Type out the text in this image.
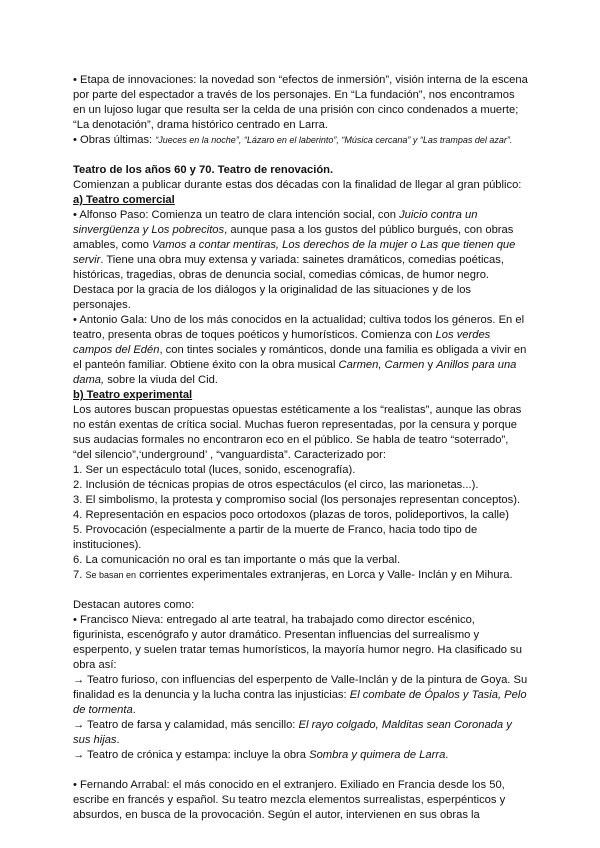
• Etapa de innovaciones: la novedad son “efectos de inmersión”, visión interna de la escena por parte del espectador a través de los personajes. En “La fundación”, nos encontramos en un lujoso lugar que resulta ser la celda de una prisión con cinco condenados a muerte; “La denotación”, drama histórico centrado en Larra.

• Obras últimas: “Jueces en la noche”, “Lázaro en el laberinto”, “Música cercana” y “Las trampas del azar”.

Teatro de los años 60 y 70. Teatro de renovación.

Comienzan a publicar durante estas dos décadas con la finalidad de llegar al gran público:

a) Teatro comercial

• Alfonso Paso: Comienza un teatro de clara intención social, con Juicio contra un sinvergüenza y Los pobrecitos, aunque pasa a los gustos del público burgués, con obras amables, como Vamos a contar mentiras, Los derechos de la mujer o Las que tienen que servir. Tiene una obra muy extensa y variada: sainetes dramáticos, comedias poéticas, históricas, tragedias, obras de denuncia social, comedias cómicas, de humor negro. Destaca por la gracia de los diálogos y la originalidad de las situaciones y de los personajes.

• Antonio Gala: Uno de los más conocidos en la actualidad; cultiva todos los géneros. En el teatro, presenta obras de toques poéticos y humorísticos. Comienza con Los verdes campos del Edén, con tintes sociales y románticos, donde una familia es obligada a vivir en el panteón familiar. Obtiene éxito con la obra musical Carmen, Carmen y Anillos para una dama, sobre la viuda del Cid.

b) Teatro experimental

Los autores buscan propuestas opuestas estéticamente a los “realistas”, aunque las obras no están exentas de crítica social. Muchas fueron representadas, por la censura y porque sus audacias formales no encontraron eco en el público. Se habla de teatro “soterrado”, “del silencio”,‘underground’ , “vanguardista”. Caracterizado por:

1. Ser un espectáculo total (luces, sonido, escenografía).

2. Inclusión de técnicas propias de otros espectáculos (el circo, las marionetas...).

3. El simbolismo, la protesta y compromiso social (los personajes representan conceptos).

4. Representación en espacios poco ortodoxos (plazas de toros, polideportivos, la calle)

5. Provocación (especialmente a partir de la muerte de Franco, hacia todo tipo de instituciones).

6. La comunicación no oral es tan importante o más que la verbal.

7. Se basan en corrientes experimentales extranjeras, en Lorca y Valle- Inclán y en Mihura.

Destacan autores como:

• Francisco Nieva: entregado al arte teatral, ha trabajado como director escénico, figurinista, escenógrafo y autor dramático. Presentan influencias del surrealismo y esperpento, y suelen tratar temas humorísticos, la mayoría humor negro. Ha clasificado su obra así:

→ Teatro furioso, con influencias del esperpento de Valle-Inclán y de la pintura de Goya. Su finalidad es la denuncia y la lucha contra las injusticias: El combate de Ópalos y Tasia, Pelo de tormenta.

→ Teatro de farsa y calamidad, más sencillo: El rayo colgado, Malditas sean Coronada y sus hijas.

→ Teatro de crónica y estampa: incluye la obra Sombra y quimera de Larra.

• Fernando Arrabal: el más conocido en el extranjero. Exiliado en Francia desde los 50, escribe en francés y español. Su teatro mezcla elementos surrealistas, esperpénticos y absurdos, en busca de la provocación. Según el autor, intervienen en sus obras la
